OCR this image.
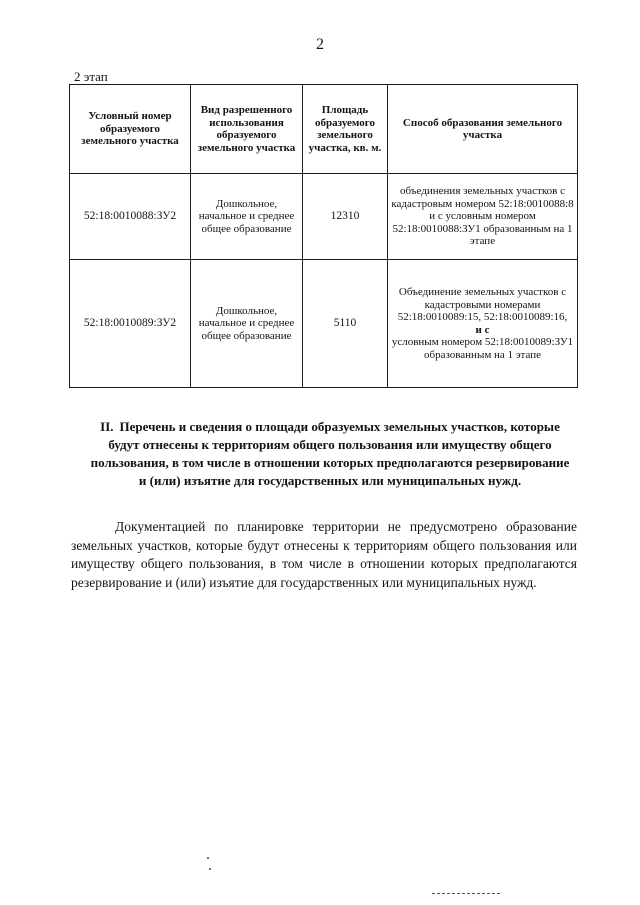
2
2 этап
Условный номер образуемого земельного участка	Вид разрешенного использования образуемого земельного участка	Площадь образуемого земельного участка, кв. м.	Способ образования земельного участка
52:18:0010088:ЗУ2	Дошкольное, начальное и среднее общее образование	12310	объединения земельных участков с кадастровым номером 52:18:0010088:8 и с условным номером 52:18:0010088:ЗУ1 образованным на 1 этапе
52:18:0010089:ЗУ2	Дошкольное, начальное и среднее общее образование	5110	Объединение земельных участков с кадастровыми номерами 52:18:0010089:15, 52:18:0010089:16,
и с
условным номером 52:18:0010089:ЗУ1 образованным на 1 этапе
II. Перечень и сведения о площади образуемых земельных участков, которые будут отнесены к территориям общего пользования или имуществу общего пользования, в том числе в отношении которых предполагаются резервирование и (или) изъятие для государственных или муниципальных нужд.
Документацией по планировке территории не предусмотрено образование земельных участков, которые будут отнесены к территориям общего пользования или имуществу общего пользования, в том числе в отношении которых предполагаются резервирование и (или) изъятие для государственных или муниципальных нужд.
